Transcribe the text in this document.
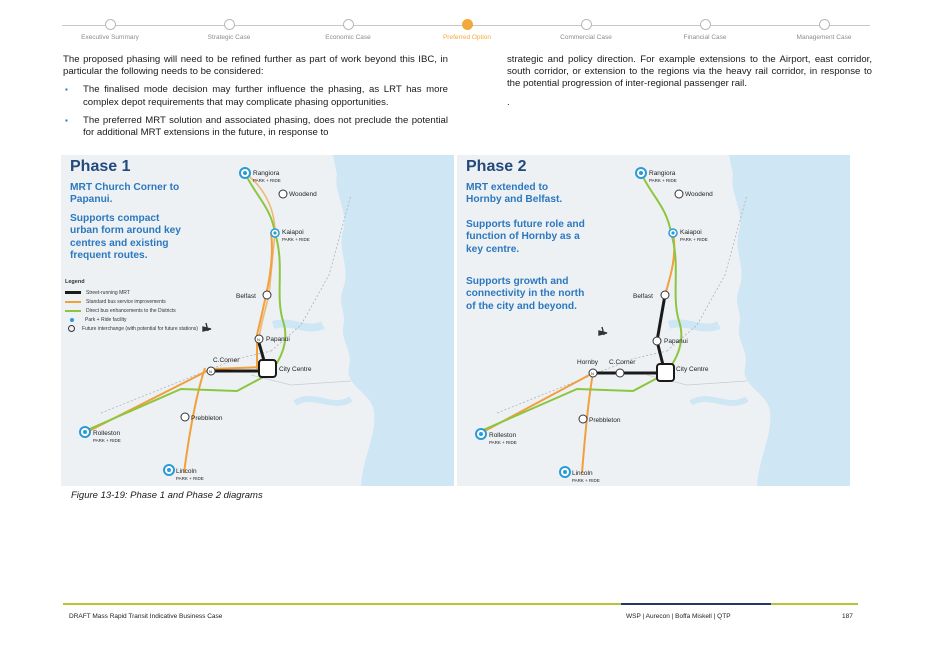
Executive Summary	Strategic Case	Economic Case	Preferred Option	Commercial Case	Financial Case	Management Case

The proposed phasing will need to be refined further as part of work beyond this IBC, in particular the following needs to be considered:

▪ The finalised mode decision may further influence the phasing, as LRT has more complex depot requirements that may complicate phasing opportunities.
▪ The preferred MRT solution and associated phasing, does not preclude the potential for additional MRT extensions in the future, in response to

strategic and policy direction. For example extensions to the Airport, east corridor, south corridor, or extension to the regions via the heavy rail corridor, in response to the potential progression of inter-regional passenger rail.

.

Phase 1
MRT Church Corner to Papanui.
Supports compact urban form around key centres and existing frequent routes.
Legend
Street-running MRT
Standard bus service improvements
Direct bus enhancements to the Districts
Park + Ride facility
Future interchange (with potential for future stations)
Rangiora
PARK + RIDE
Woodend
Kaiapoi
PARK + RIDE
Belfast
Papanui
C.Corner
City Centre
Prebbleton
Rolleston
PARK + RIDE
Lincoln
PARK + RIDE
N
N
Phase 2
MRT extended to Hornby and Belfast.
Supports future role and function of Hornby as a key centre.
Supports growth and connectivity in the north of the city and beyond.
Rangiora
PARK + RIDE
Woodend
Kaiapoi
PARK + RIDE
Belfast
Papanui
Hornby C.Corner
City Centre
Prebbleton
Rolleston
PARK + RIDE
Lincoln
PARK + RIDE
N
Figure 13-19: Phase 1 and Phase 2 diagrams
DRAFT Mass Rapid Transit Indicative Business Case	WSP | Aurecon | Boffa Miskell | QTP	187
